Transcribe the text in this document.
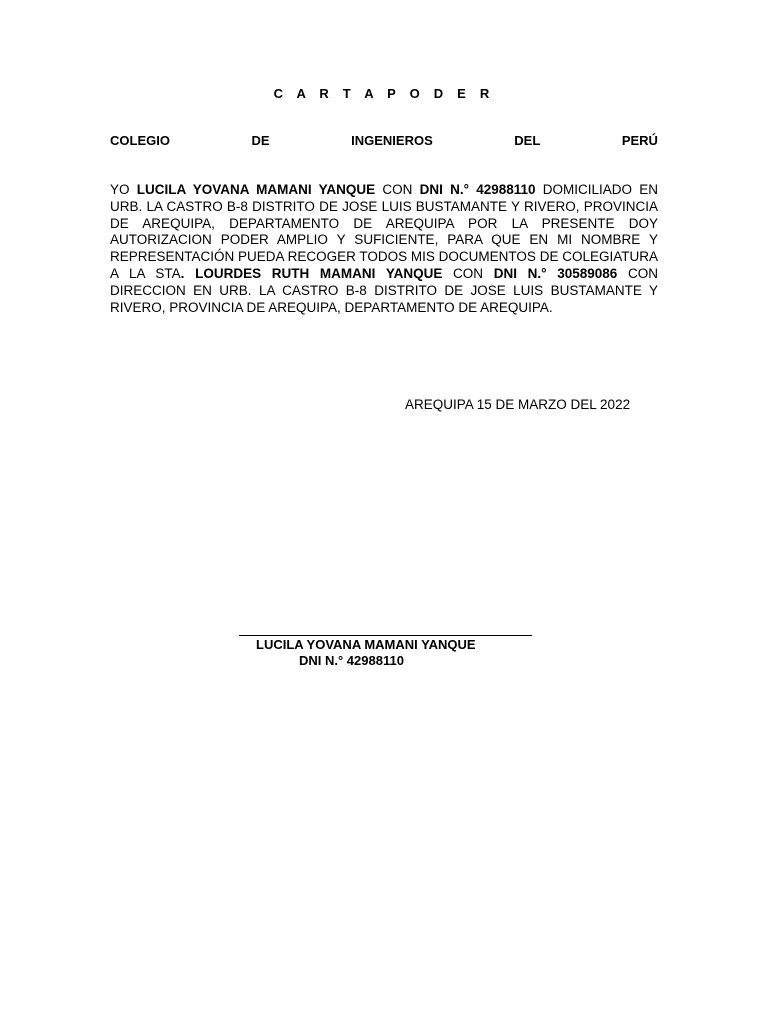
C A R T A P O D E R
COLEGIO	DE	INGENIEROS	DEL	PERÚ

YO LUCILA YOVANA MAMANI YANQUE CON DNI N.° 42988110 DOMICILIADO EN URB. LA CASTRO B-8 DISTRITO DE JOSE LUIS BUSTAMANTE Y RIVERO, PROVINCIA DE AREQUIPA, DEPARTAMENTO DE AREQUIPA POR LA PRESENTE DOY AUTORIZACION PODER AMPLIO Y SUFICIENTE, PARA QUE EN MI NOMBRE Y REPRESENTACIÓN PUEDA RECOGER TODOS MIS DOCUMENTOS DE COLEGIATURA A LA STA. LOURDES RUTH MAMANI YANQUE CON DNI N.° 30589086 CON DIRECCION EN URB. LA CASTRO B-8 DISTRITO DE JOSE LUIS BUSTAMANTE Y RIVERO, PROVINCIA DE AREQUIPA, DEPARTAMENTO DE AREQUIPA.

AREQUIPA 15 DE MARZO DEL 2022
LUCILA YOVANA MAMANI YANQUE
DNI N.° 42988110
